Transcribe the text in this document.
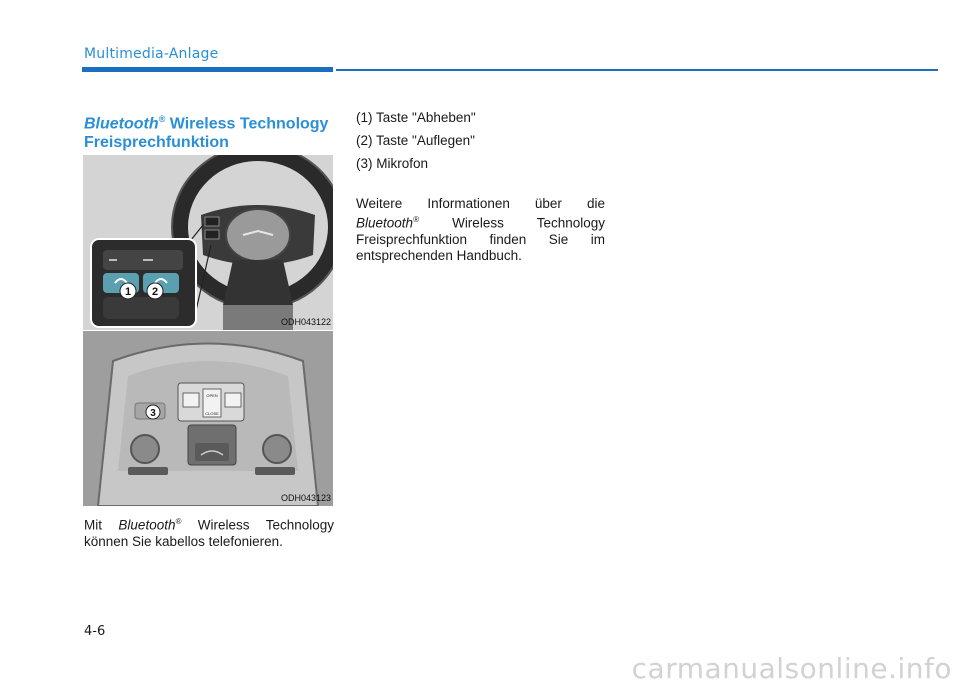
Multimedia-Anlage
Bluetooth® Wireless Technology
Freisprechfunktion
1 2
ODH043122
OPEN
CLOSE
3
ODH043123
Mit Bluetooth® Wireless Technology können Sie kabellos telefonieren.
(1) Taste "Abheben"
(2) Taste "Auflegen"
(3) Mikrofon
Weitere Informationen über die
Bluetooth® Wireless Technology
Freisprechfunktion finden Sie im
entsprechenden Handbuch.
4-6
carmanualsonline.info
